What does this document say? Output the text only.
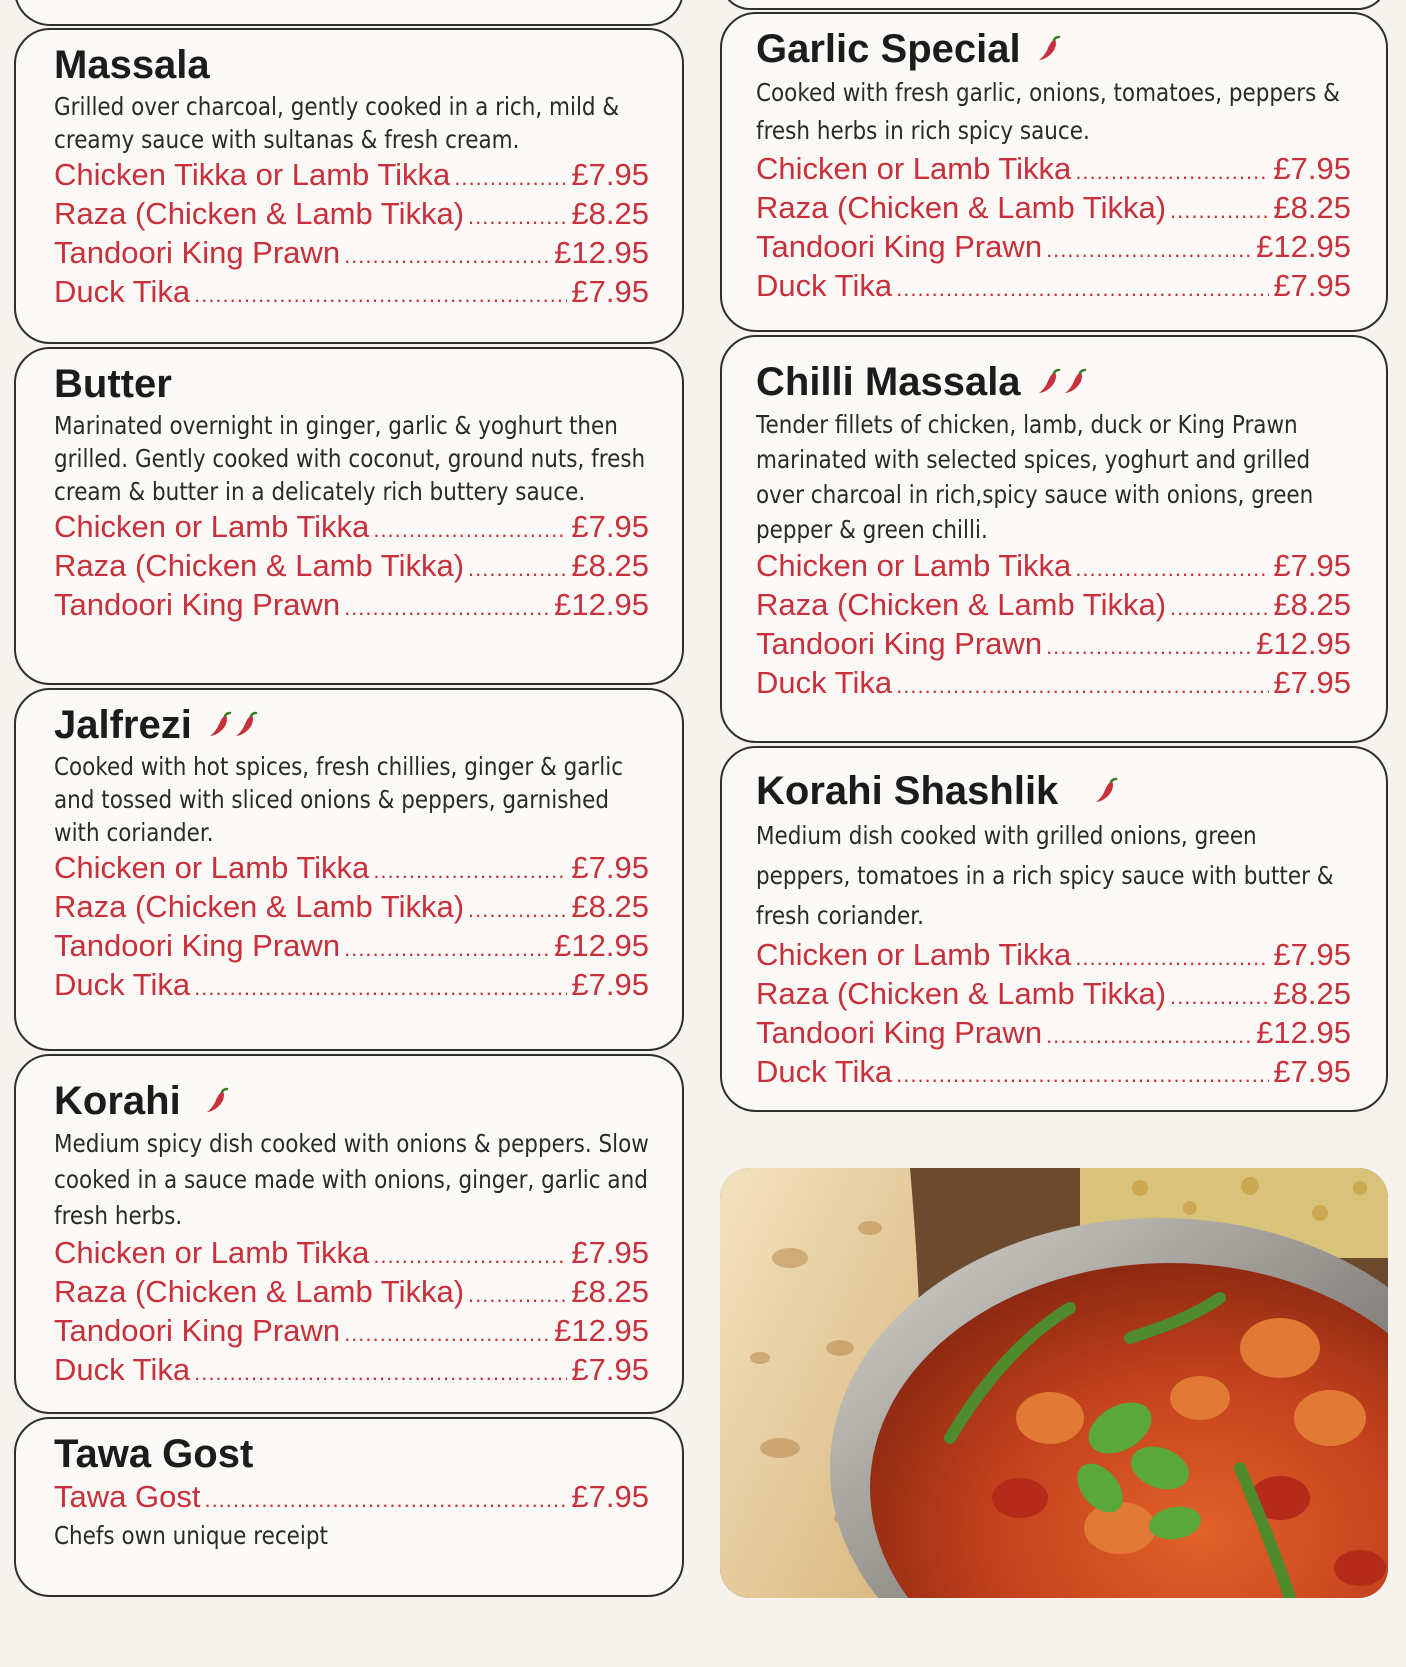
Massala
Grilled over charcoal, gently cooked in a rich, mild & creamy sauce with sultanas & fresh cream.
Chicken Tikka or Lamb Tikka .....	£7.95
Raza (Chicken & Lamb Tikka) .....	£8.25
Tandoori King Prawn .....	£12.95
Duck Tika .....	£7.95
Butter
Marinated overnight in ginger, garlic & yoghurt then grilled. Gently cooked with coconut, ground nuts, fresh cream & butter in a delicately rich buttery sauce.
Chicken or Lamb Tikka .....	£7.95
Raza (Chicken & Lamb Tikka) .....	£8.25
Tandoori King Prawn .....	£12.95
Jalfrezi
Cooked with hot spices, fresh chillies, ginger & garlic and tossed with sliced onions & peppers, garnished with coriander.
Chicken or Lamb Tikka .....	£7.95
Raza (Chicken & Lamb Tikka) .....	£8.25
Tandoori King Prawn .....	£12.95
Duck Tika .....	£7.95
Korahi
Medium spicy dish cooked with onions & peppers. Slow cooked in a sauce made with onions, ginger, garlic and fresh herbs.
Chicken or Lamb Tikka .....	£7.95
Raza (Chicken & Lamb Tikka) .....	£8.25
Tandoori King Prawn .....	£12.95
Duck Tika .....	£7.95
Tawa Gost
Tawa Gost .....	£7.95
Chefs own unique receipt
Garlic Special
Cooked with fresh garlic, onions, tomatoes, peppers & fresh herbs in rich spicy sauce.
Chicken or Lamb Tikka .....	£7.95
Raza (Chicken & Lamb Tikka) .....	£8.25
Tandoori King Prawn .....	£12.95
Duck Tika .....	£7.95
Chilli Massala
Tender fillets of chicken, lamb, duck or King Prawn marinated with selected spices, yoghurt and grilled over charcoal in rich,spicy sauce with onions, green pepper & green chilli.
Chicken or Lamb Tikka .....	£7.95
Raza (Chicken & Lamb Tikka) .....	£8.25
Tandoori King Prawn .....	£12.95
Duck Tika .....	£7.95
Korahi Shashlik
Medium dish cooked with grilled onions, green peppers, tomatoes in a rich spicy sauce with butter & fresh coriander.
Chicken or Lamb Tikka .....	£7.95
Raza (Chicken & Lamb Tikka) .....	£8.25
Tandoori King Prawn .....	£12.95
Duck Tika .....	£7.95
